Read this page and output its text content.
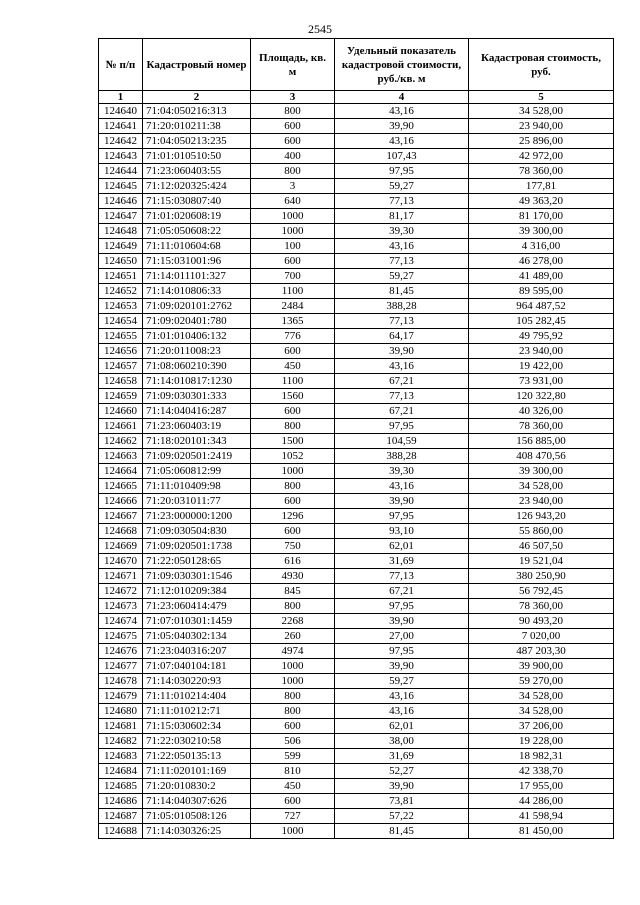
2545
№ п/п	Кадастровый номер	Площадь, кв. м	Удельный показатель кадастровой стоимости, руб./кв. м	Кадастровая стоимость, руб.
1	2	3	4	5
124640	71:04:050216:313	800	43,16	34 528,00
124641	71:20:010211:38	600	39,90	23 940,00
124642	71:04:050213:235	600	43,16	25 896,00
124643	71:01:010510:50	400	107,43	42 972,00
124644	71:23:060403:55	800	97,95	78 360,00
124645	71:12:020325:424	3	59,27	177,81
124646	71:15:030807:40	640	77,13	49 363,20
124647	71:01:020608:19	1000	81,17	81 170,00
124648	71:05:050608:22	1000	39,30	39 300,00
124649	71:11:010604:68	100	43,16	4 316,00
124650	71:15:031001:96	600	77,13	46 278,00
124651	71:14:011101:327	700	59,27	41 489,00
124652	71:14:010806:33	1100	81,45	89 595,00
124653	71:09:020101:2762	2484	388,28	964 487,52
124654	71:09:020401:780	1365	77,13	105 282,45
124655	71:01:010406:132	776	64,17	49 795,92
124656	71:20:011008:23	600	39,90	23 940,00
124657	71:08:060210:390	450	43,16	19 422,00
124658	71:14:010817:1230	1100	67,21	73 931,00
124659	71:09:030301:333	1560	77,13	120 322,80
124660	71:14:040416:287	600	67,21	40 326,00
124661	71:23:060403:19	800	97,95	78 360,00
124662	71:18:020101:343	1500	104,59	156 885,00
124663	71:09:020501:2419	1052	388,28	408 470,56
124664	71:05:060812:99	1000	39,30	39 300,00
124665	71:11:010409:98	800	43,16	34 528,00
124666	71:20:031011:77	600	39,90	23 940,00
124667	71:23:000000:1200	1296	97,95	126 943,20
124668	71:09:030504:830	600	93,10	55 860,00
124669	71:09:020501:1738	750	62,01	46 507,50
124670	71:22:050128:65	616	31,69	19 521,04
124671	71:09:030301:1546	4930	77,13	380 250,90
124672	71:12:010209:384	845	67,21	56 792,45
124673	71:23:060414:479	800	97,95	78 360,00
124674	71:07:010301:1459	2268	39,90	90 493,20
124675	71:05:040302:134	260	27,00	7 020,00
124676	71:23:040316:207	4974	97,95	487 203,30
124677	71:07:040104:181	1000	39,90	39 900,00
124678	71:14:030220:93	1000	59,27	59 270,00
124679	71:11:010214:404	800	43,16	34 528,00
124680	71:11:010212:71	800	43,16	34 528,00
124681	71:15:030602:34	600	62,01	37 206,00
124682	71:22:030210:58	506	38,00	19 228,00
124683	71:22:050135:13	599	31,69	18 982,31
124684	71:11:020101:169	810	52,27	42 338,70
124685	71:20:010830:2	450	39,90	17 955,00
124686	71:14:040307:626	600	73,81	44 286,00
124687	71:05:010508:126	727	57,22	41 598,94
124688	71:14:030326:25	1000	81,45	81 450,00
